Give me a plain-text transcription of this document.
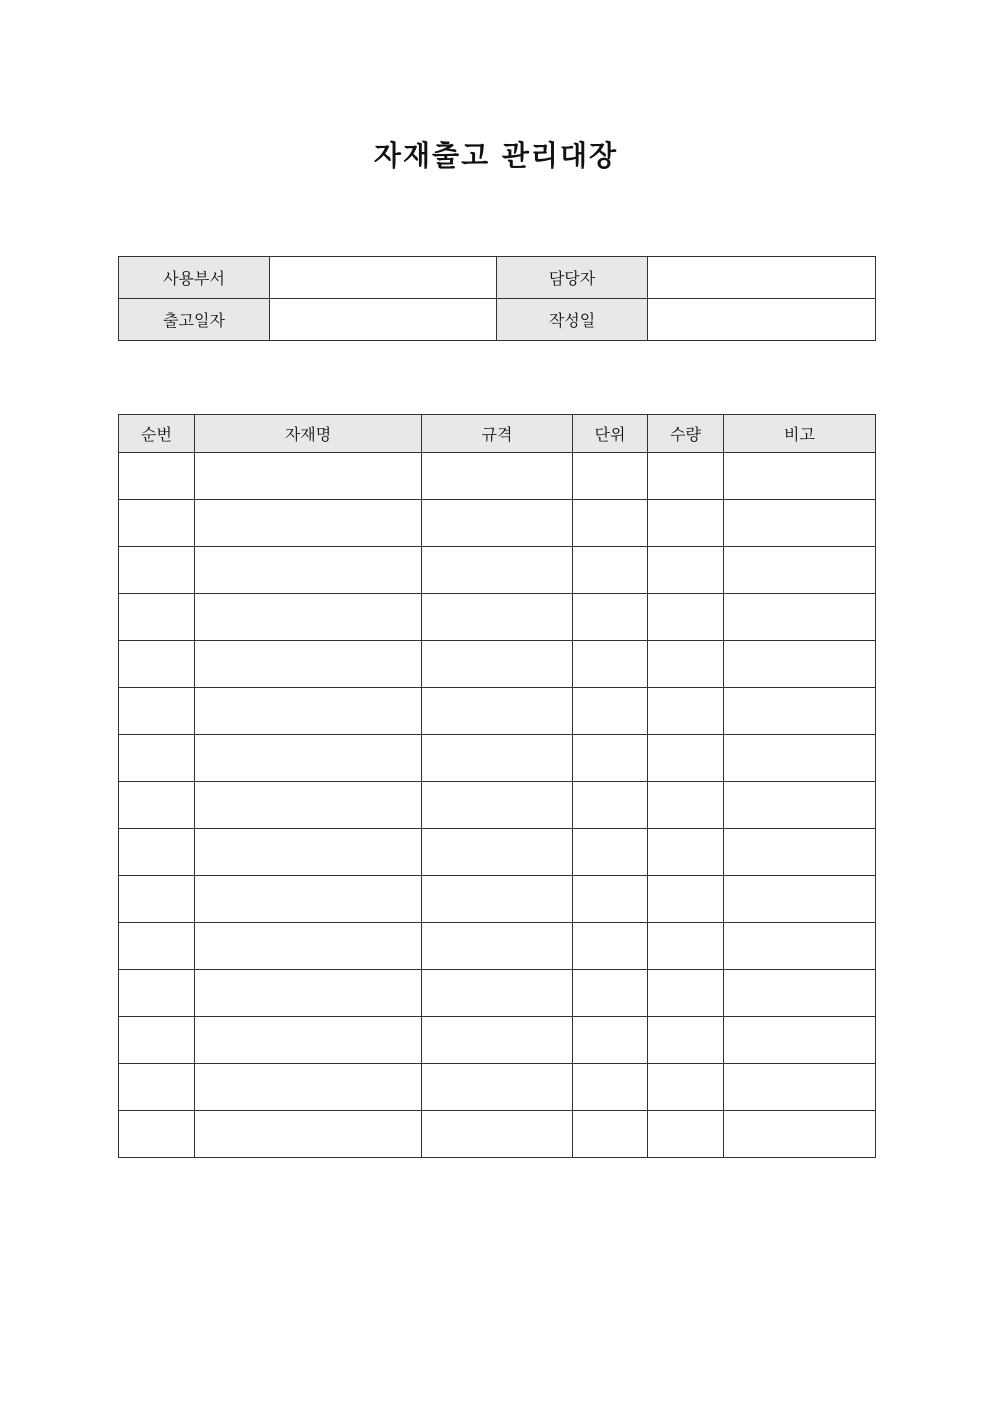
자재출고 관리대장
사용부서		담당자	
출고일자		작성일	
순번	자재명	규격	단위	수량	비고
